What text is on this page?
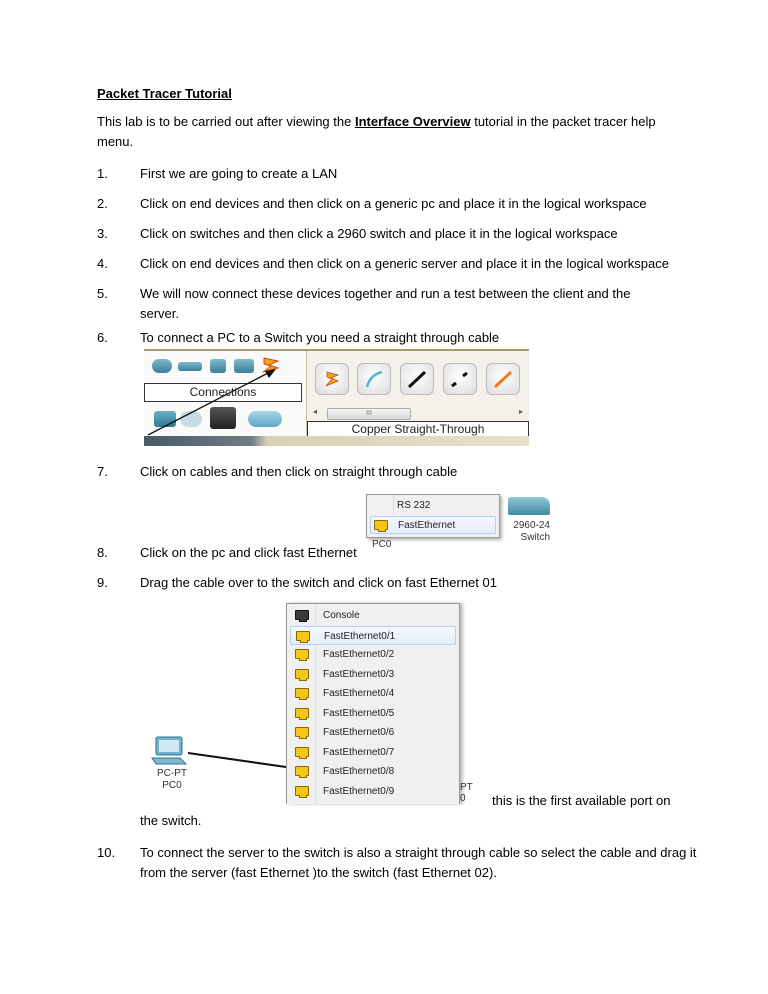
Packet Tracer Tutorial
This lab is to be carried out after viewing the Interface Overview tutorial in the packet tracer help menu.
1.	First we are going to create a LAN
2.	Click on end devices and then click on a generic pc and place it in the logical workspace
3.	Click on switches and then click a 2960 switch and place it in the logical workspace
4.	Click on end devices and then click on a generic server and place it in the logical workspace
5.	We will now connect these devices together and run a test between the client and the server.
6.	To connect a PC to a Switch you need a straight through cable
Connections
◂	III	▸
Copper Straight-Through
7.	Click on cables and then click on straight through cable
RS 232
FastEthernet
PC0
2960-24
Switch
8.	Click on the pc and click fast Ethernet
9.	Drag the cable over to the switch and click on fast Ethernet 01
Console
FastEthernet0/1
FastEthernet0/2
FastEthernet0/3
FastEthernet0/4
FastEthernet0/5
FastEthernet0/6
FastEthernet0/7
FastEthernet0/8
FastEthernet0/9
PC-PT
PC0	PT
0	this is the first available port on
the switch.
10.	To connect the server to the switch is also a straight through cable so select the cable and drag it from the server (fast Ethernet )to the switch (fast Ethernet 02).
